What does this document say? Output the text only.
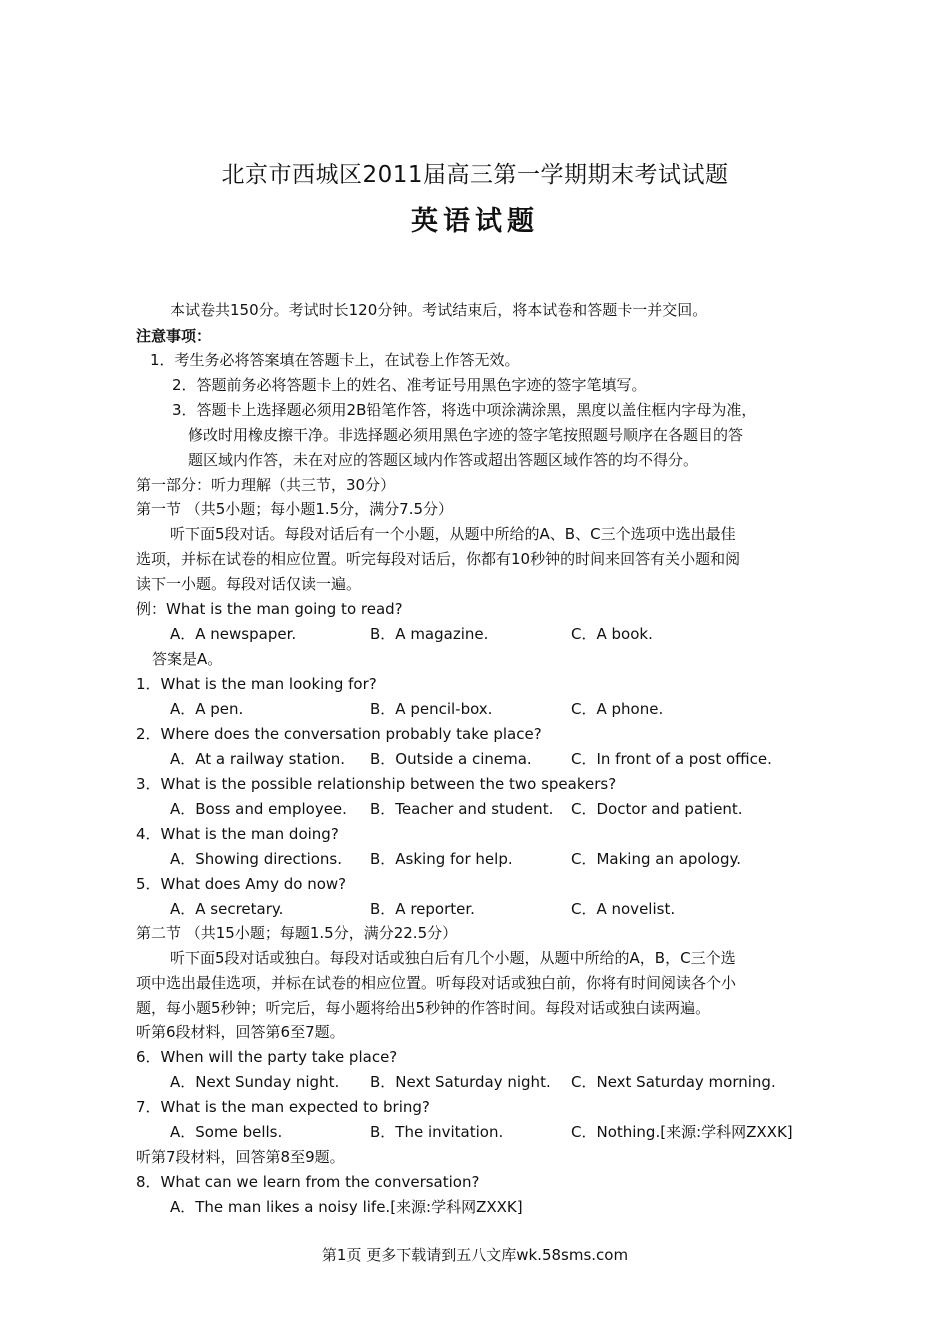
北京市西城区2011届高三第一学期期末考试试题
英语试题
本试卷共150分。考试时长120分钟。考试结束后，将本试卷和答题卡一并交回。
注意事项：
1．考生务必将答案填在答题卡上，在试卷上作答无效。
2．答题前务必将答题卡上的姓名、准考证号用黑色字迹的签字笔填写。
3．答题卡上选择题必须用2B铅笔作答，将选中项涂满涂黑，黑度以盖住框内字母为准，
修改时用橡皮擦干净。非选择题必须用黑色字迹的签字笔按照题号顺序在各题目的答
题区域内作答，未在对应的答题区域内作答或超出答题区域作答的均不得分。
第一部分：听力理解（共三节，30分）
第一节 （共5小题；每小题1.5分，满分7.5分）
听下面5段对话。每段对话后有一个小题，从题中所给的A、B、C三个选项中选出最佳
选项，并标在试卷的相应位置。听完每段对话后，你都有10秒钟的时间来回答有关小题和阅
读下一小题。每段对话仅读一遍。
例：What is the man going to read?
A．A newspaper.	B．A magazine.	C．A book.
答案是A。
1．What is the man looking for?
A．A pen.	B．A pencil-box.	C．A phone.
2．Where does the conversation probably take place?
A．At a railway station. B．Outside a cinema.	C．In front of a post office.
3．What is the possible relationship between the two speakers?
A．Boss and employee. B．Teacher and student. C．Doctor and patient.
4．What is the man doing?
A．Showing directions. B．Asking for help.	C．Making an apology.
5．What does Amy do now?
A．A secretary.	B．A reporter.	C．A novelist.
第二节 （共15小题；每题1.5分，满分22.5分）
听下面5段对话或独白。每段对话或独白后有几个小题，从题中所给的A，B，C三个选
项中选出最佳选项，并标在试卷的相应位置。听每段对话或独白前，你将有时间阅读各个小
题，每小题5秒钟；听完后，每小题将给出5秒钟的作答时间。每段对话或独白读两遍。
听第6段材料，回答第6至7题。
6．When will the party take place?
A．Next Sunday night. B．Next Saturday night. C．Next Saturday morning.
7．What is the man expected to bring?
A．Some bells.	B．The invitation.	C．Nothing.[来源:学科网ZXXK]
听第7段材料，回答第8至9题。
8．What can we learn from the conversation?
A．The man likes a noisy life.[来源:学科网ZXXK]
第1页 更多下载请到五八文库wk.58sms.com
